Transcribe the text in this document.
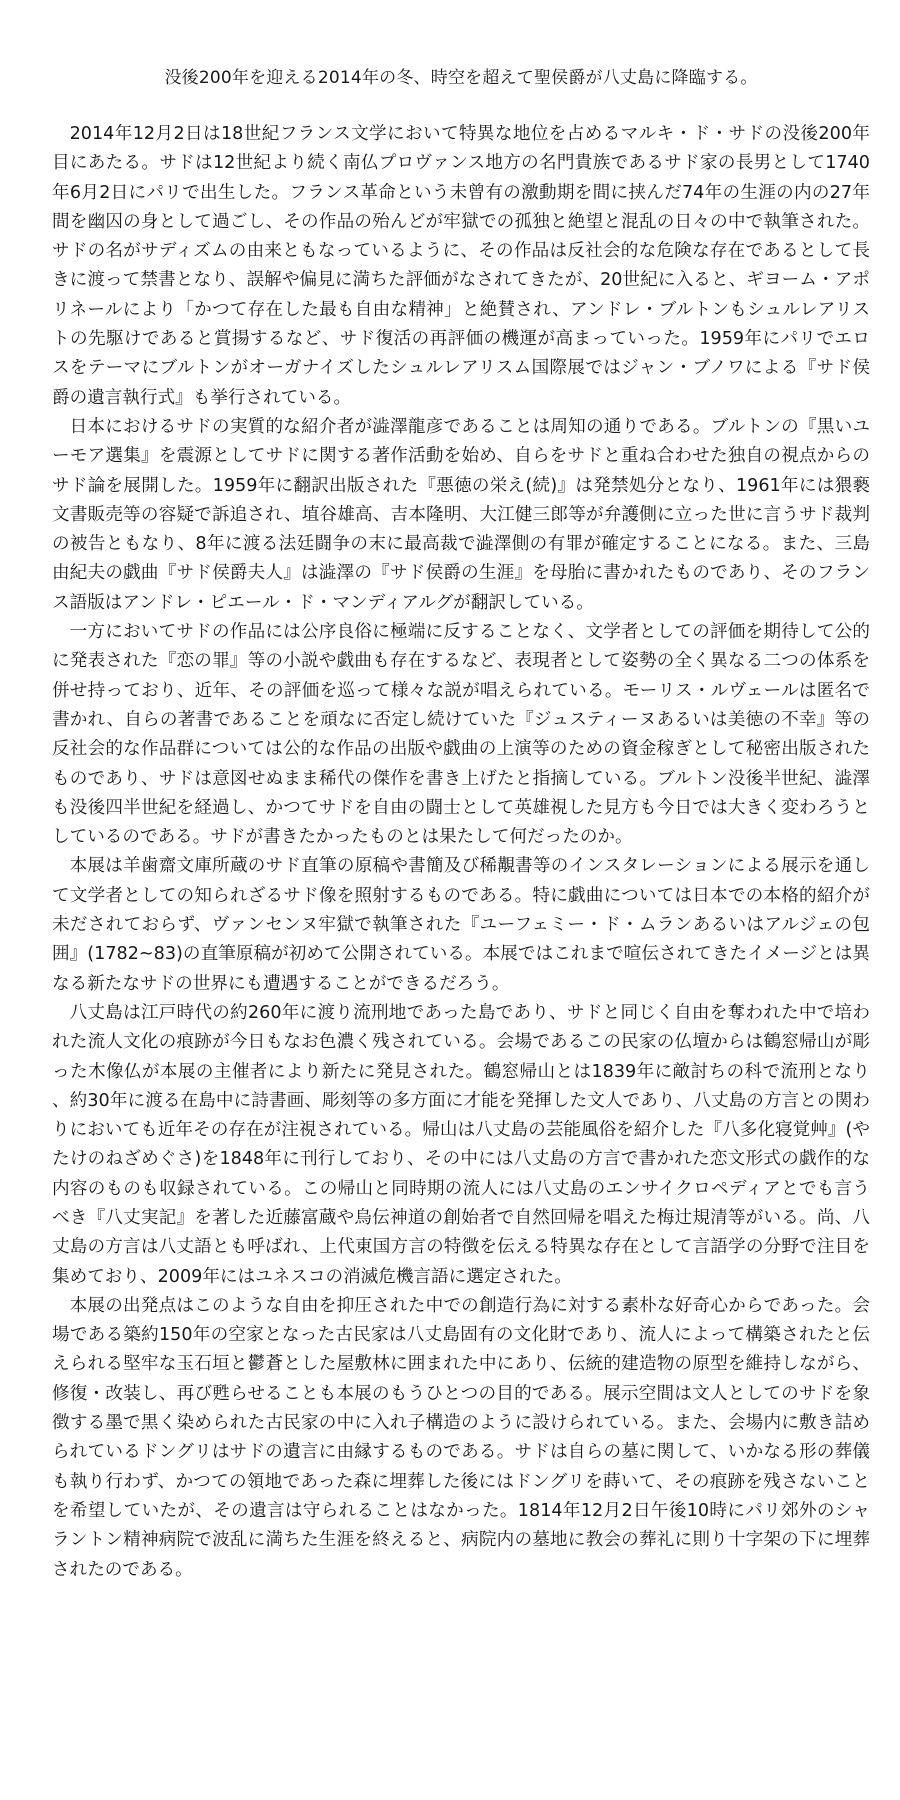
没後200年を迎える2014年の冬、時空を超えて聖侯爵が八丈島に降臨する。

2014年12月2日は18世紀フランス文学において特異な地位を占めるマルキ・ド・サドの没後200年目にあたる。サドは12世紀より続く南仏プロヴァンス地方の名門貴族であるサド家の長男として1740年6月2日にパリで出生した。フランス革命という未曾有の激動期を間に挟んだ74年の生涯の内の27年間を幽囚の身として過ごし、その作品の殆んどが牢獄での孤独と絶望と混乱の日々の中で執筆された。サドの名がサディズムの由来ともなっているように、その作品は反社会的な危険な存在であるとして長きに渡って禁書となり、誤解や偏見に満ちた評価がなされてきたが、20世紀に入ると、ギヨーム・アポリネールにより「かつて存在した最も自由な精神」と絶賛され、アンドレ・ブルトンもシュルレアリストの先駆けであると賞揚するなど、サド復活の再評価の機運が高まっていった。1959年にパリでエロスをテーマにブルトンがオーガナイズしたシュルレアリスム国際展ではジャン・ブノワによる『サド侯爵の遺言執行式』も挙行されている。

日本におけるサドの実質的な紹介者が澁澤龍彦であることは周知の通りである。ブルトンの『黒いユーモア選集』を震源としてサドに関する著作活動を始め、自らをサドと重ね合わせた独自の視点からのサド論を展開した。1959年に翻訳出版された『悪徳の栄え(続)』は発禁処分となり、1961年には猥褻文書販売等の容疑で訴追され、埴谷雄高、吉本隆明、大江健三郎等が弁護側に立った世に言うサド裁判の被告ともなり、8年に渡る法廷闘争の末に最高裁で澁澤側の有罪が確定することになる。また、三島由紀夫の戯曲『サド侯爵夫人』は澁澤の『サド侯爵の生涯』を母胎に書かれたものであり、そのフランス語版はアンドレ・ピエール・ド・マンディアルグが翻訳している。

一方においてサドの作品には公序良俗に極端に反することなく、文学者としての評価を期待して公的に発表された『恋の罪』等の小説や戯曲も存在するなど、表現者として姿勢の全く異なる二つの体系を併せ持っており、近年、その評価を巡って様々な説が唱えられている。モーリス・ルヴェールは匿名で書かれ、自らの著書であることを頑なに否定し続けていた『ジュスティーヌあるいは美徳の不幸』等の反社会的な作品群については公的な作品の出版や戯曲の上演等のための資金稼ぎとして秘密出版されたものであり、サドは意図せぬまま稀代の傑作を書き上げたと指摘している。ブルトン没後半世紀、澁澤も没後四半世紀を経過し、かつてサドを自由の闘士として英雄視した見方も今日では大きく変わろうとしているのである。サドが書きたかったものとは果たして何だったのか。

本展は羊歯齋文庫所蔵のサド直筆の原稿や書簡及び稀覯書等のインスタレーションによる展示を通して文学者としての知られざるサド像を照射するものである。特に戯曲については日本での本格的紹介が未だされておらず、ヴァンセンヌ牢獄で執筆された『ユーフェミー・ド・ムランあるいはアルジェの包囲』(1782~83)の直筆原稿が初めて公開されている。本展ではこれまで喧伝されてきたイメージとは異なる新たなサドの世界にも遭遇することができるだろう。

八丈島は江戸時代の約260年に渡り流刑地であった島であり、サドと同じく自由を奪われた中で培われた流人文化の痕跡が今日もなお色濃く残されている。会場であるこの民家の仏壇からは鶴窓帰山が彫った木像仏が本展の主催者により新たに発見された。鶴窓帰山とは1839年に敵討ちの科で流刑となり、約30年に渡る在島中に詩書画、彫刻等の多方面に才能を発揮した文人であり、八丈島の方言との関わりにおいても近年その存在が注視されている。帰山は八丈島の芸能風俗を紹介した『八多化寝覚艸』(やたけのねざめぐさ)を1848年に刊行しており、その中には八丈島の方言で書かれた恋文形式の戯作的な内容のものも収録されている。この帰山と同時期の流人には八丈島のエンサイクロペディアとでも言うべき『八丈実記』を著した近藤富蔵や烏伝神道の創始者で自然回帰を唱えた梅辻規清等がいる。尚、八丈島の方言は八丈語とも呼ばれ、上代東国方言の特徴を伝える特異な存在として言語学の分野で注目を集めており、2009年にはユネスコの消滅危機言語に選定された。

本展の出発点はこのような自由を抑圧された中での創造行為に対する素朴な好奇心からであった。会場である築約150年の空家となった古民家は八丈島固有の文化財であり、流人によって構築されたと伝えられる堅牢な玉石垣と鬱蒼とした屋敷林に囲まれた中にあり、伝統的建造物の原型を維持しながら、修復・改装し、再び甦らせることも本展のもうひとつの目的である。展示空間は文人としてのサドを象徴する墨で黒く染められた古民家の中に入れ子構造のように設けられている。また、会場内に敷き詰められているドングリはサドの遺言に由縁するものである。サドは自らの墓に関して、いかなる形の葬儀も執り行わず、かつての領地であった森に埋葬した後にはドングリを蒔いて、その痕跡を残さないことを希望していたが、その遺言は守られることはなかった。1814年12月2日午後10時にパリ郊外のシャラントン精神病院で波乱に満ちた生涯を終えると、病院内の墓地に教会の葬礼に則り十字架の下に埋葬されたのである。
